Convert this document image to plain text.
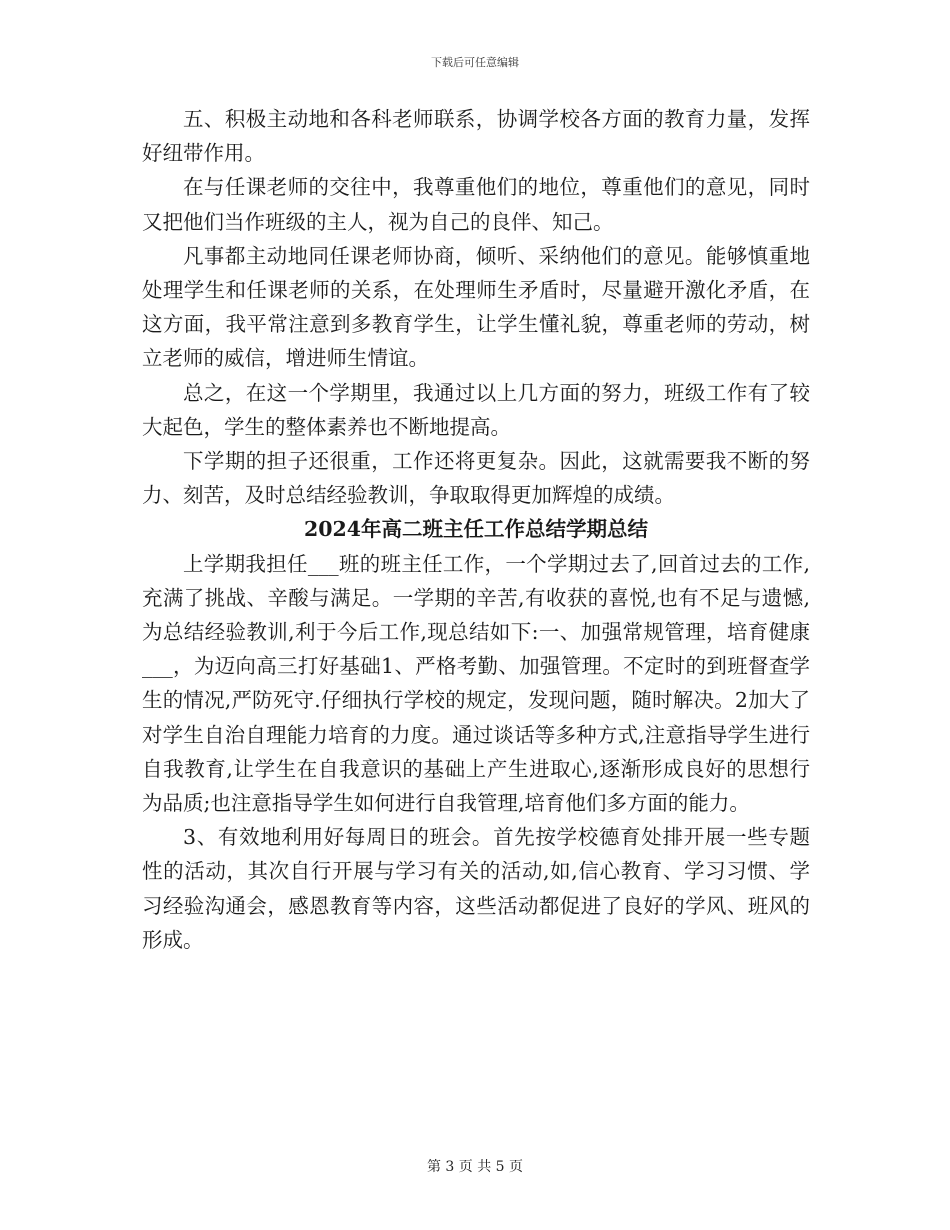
下载后可任意编辑

五、积极主动地和各科老师联系，协调学校各方面的教育力量，发挥好纽带作用。

在与任课老师的交往中，我尊重他们的地位，尊重他们的意见，同时又把他们当作班级的主人，视为自己的良伴、知己。

凡事都主动地同任课老师协商，倾听、采纳他们的意见。能够慎重地处理学生和任课老师的关系，在处理师生矛盾时，尽量避开激化矛盾，在这方面，我平常注意到多教育学生，让学生懂礼貌，尊重老师的劳动，树立老师的威信，增进师生情谊。

总之，在这一个学期里，我通过以上几方面的努力，班级工作有了较大起色，学生的整体素养也不断地提高。

下学期的担子还很重，工作还将更复杂。因此，这就需要我不断的努力、刻苦，及时总结经验教训，争取取得更加辉煌的成绩。

2024年高二班主任工作总结学期总结

上学期我担任___班的班主任工作，一个学期过去了,回首过去的工作,充满了挑战、辛酸与满足。一学期的辛苦,有收获的喜悦,也有不足与遗憾,为总结经验教训,利于今后工作,现总结如下:一、加强常规管理，培育健康___，为迈向高三打好基础1、严格考勤、加强管理。不定时的到班督查学生的情况,严防死守.仔细执行学校的规定，发现问题，随时解决。2加大了对学生自治自理能力培育的力度。通过谈话等多种方式,注意指导学生进行自我教育,让学生在自我意识的基础上产生进取心,逐渐形成良好的思想行为品质;也注意指导学生如何进行自我管理,培育他们多方面的能力。

3、有效地利用好每周日的班会。首先按学校德育处排开展一些专题性的活动，其次自行开展与学习有关的活动,如,信心教育、学习习惯、学习经验沟通会，感恩教育等内容，这些活动都促进了良好的学风、班风的形成。

第 3 页 共 5 页
